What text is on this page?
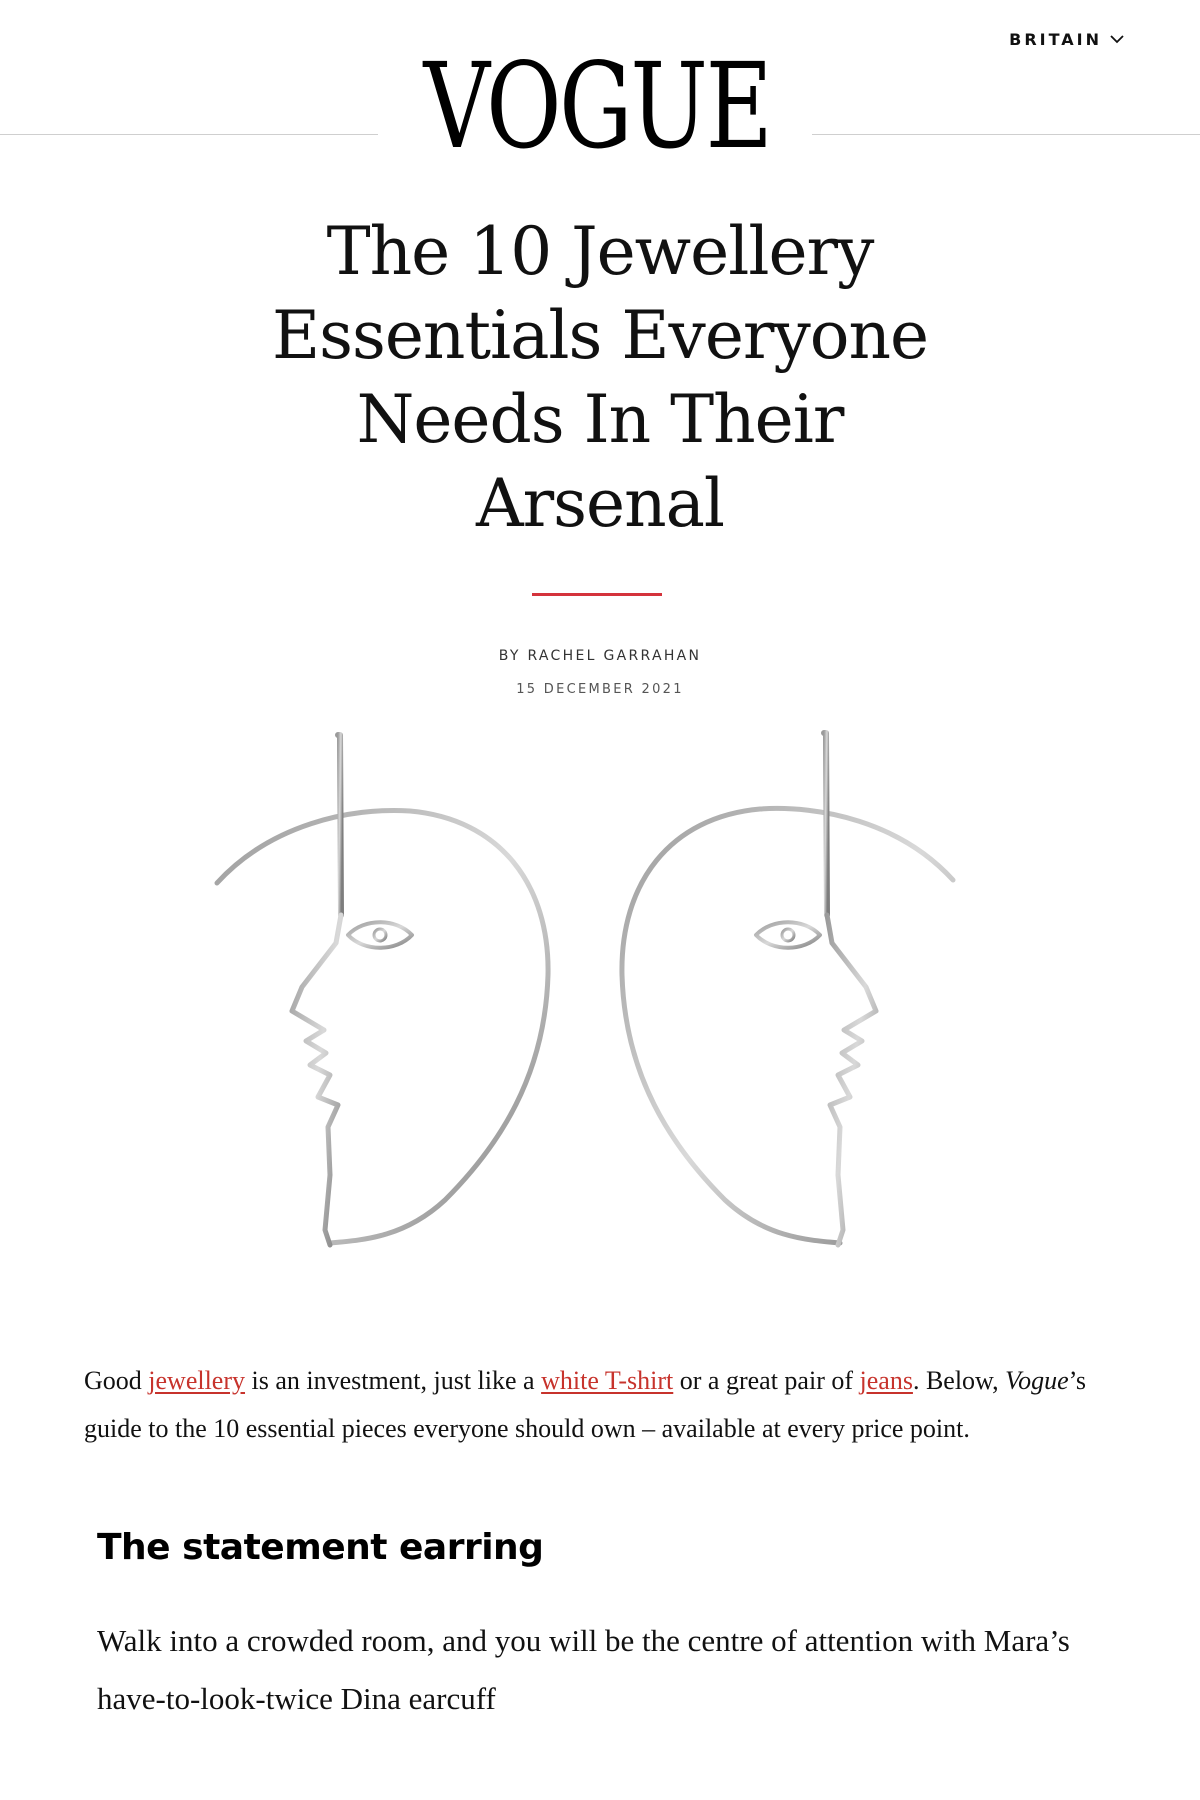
BRITAIN
VOGUE
The 10 Jewellery Essentials Everyone Needs In Their Arsenal
BY RACHEL GARRAHAN
15 DECEMBER 2021

Good jewellery is an investment, just like a white T-shirt or a great pair of jeans. Below, Vogue’s guide to the 10 essential pieces everyone should own – available at every price point.

The statement earring

Walk into a crowded room, and you will be the centre of attention with Mara’s have-to-look-twice Dina earcuff
